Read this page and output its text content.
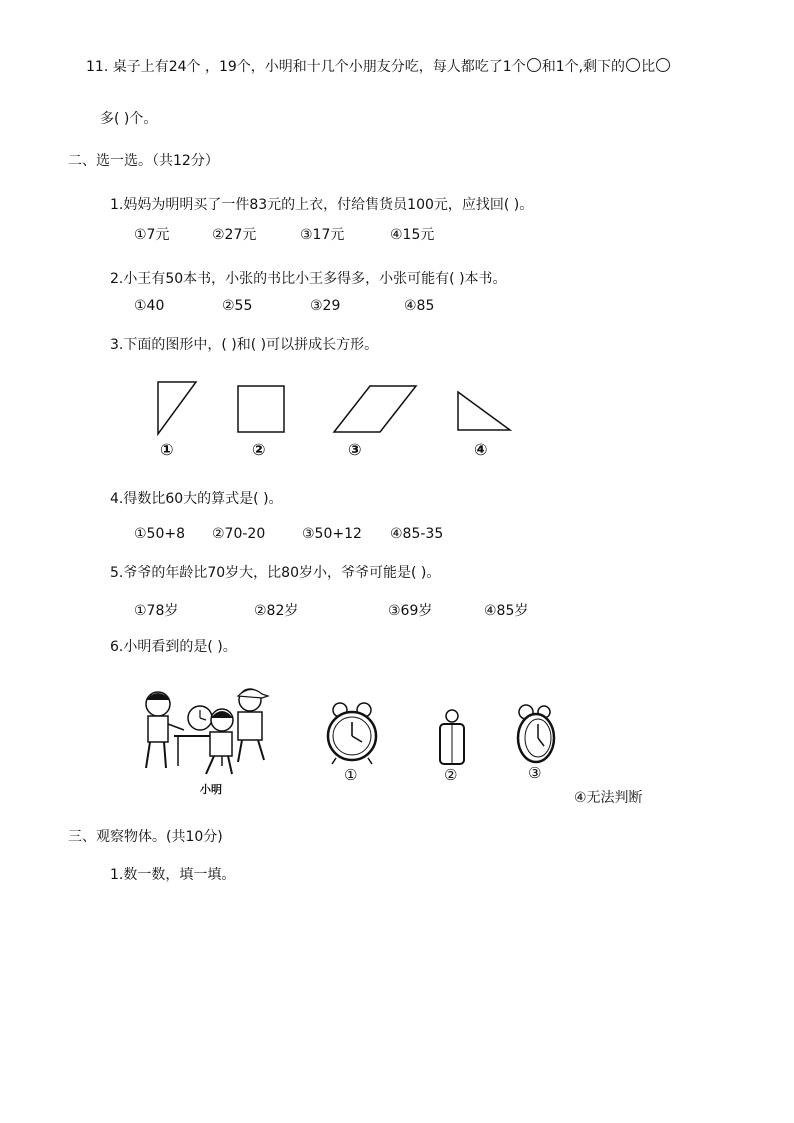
11. 桌子上有24个 ，19个，小明和十几个小朋友分吃，每人都吃了1个 和1个,剩下的 比
多( )个。
二、选一选。（共12分）
1.妈妈为明明买了一件83元的上衣，付给售货员100元，应找回( )。
①7元	②27元	③17元	④15元
2.小王有50本书，小张的书比小王多得多，小张可能有( )本书。
①40	②55	③29	④85
3.下面的图形中，( )和( )可以拼成长方形。
①	②	③	④
4.得数比60大的算式是( )。
①50+8 ②70-20	③50+12 ④85-35
5.爷爷的年龄比70岁大，比80岁小，爷爷可能是( )。
①78岁	②82岁	③69岁	④85岁
6.小明看到的是( )。
小明
①	②	③
④无法判断
三、观察物体。(共10分)
1.数一数，填一填。
